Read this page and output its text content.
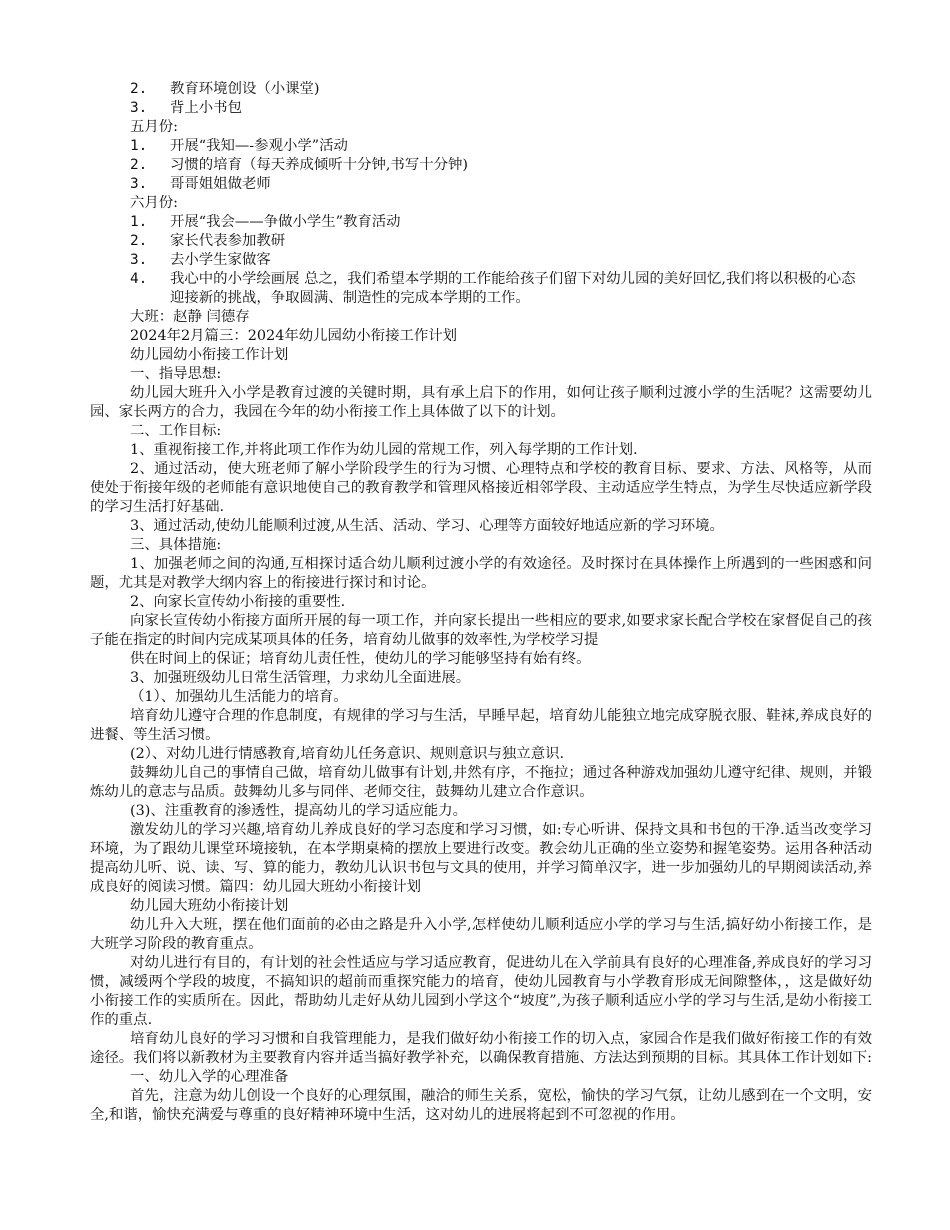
2.	教育环境创设（小课堂)
3.	背上小书包
五月份:
1.	开展“我知—-参观小学”活动
2.	习惯的培育（每天养成倾听十分钟,书写十分钟)
3.	哥哥姐姐做老师
六月份:
1.	开展“我会——争做小学生”教育活动
2.	家长代表参加教研
3.	去小学生家做客
4.	我心中的小学绘画展 总之，我们希望本学期的工作能给孩子们留下对幼儿园的美好回忆,我们将以积极的心态迎接新的挑战，争取圆满、制造性的完成本学期的工作。
大班：赵静 闫德存
2024年2月篇三：2024年幼儿园幼小衔接工作计划
幼儿园幼小衔接工作计划
一、指导思想:

幼儿园大班升入小学是教育过渡的关键时期，具有承上启下的作用，如何让孩子顺利过渡小学的生活呢？这需要幼儿园、家长两方的合力，我园在今年的幼小衔接工作上具体做了以下的计划。

二、工作目标:

1、重视衔接工作,并将此项工作作为幼儿园的常规工作，列入每学期的工作计划.

2、通过活动，使大班老师了解小学阶段学生的行为习惯、心理特点和学校的教育目标、要求、方法、风格等，从而使处于衔接年级的老师能有意识地使自己的教育教学和管理风格接近相邻学段、主动适应学生特点，为学生尽快适应新学段的学习生活打好基础.

3、通过活动,使幼儿能顺利过渡,从生活、活动、学习、心理等方面较好地适应新的学习环境。

三、具体措施:

1、加强老师之间的沟通,互相探讨适合幼儿顺利过渡小学的有效途径。及时探讨在具体操作上所遇到的一些困惑和问题，尤其是对教学大纲内容上的衔接进行探讨和讨论。

2、向家长宣传幼小衔接的重要性.

向家长宣传幼小衔接方面所开展的每一项工作，并向家长提出一些相应的要求,如要求家长配合学校在家督促自己的孩子能在指定的时间内完成某项具体的任务，培育幼儿做事的效率性,为学校学习提

供在时间上的保证；培育幼儿责任性，使幼儿的学习能够坚持有始有终。

3、加强班级幼儿日常生活管理，力求幼儿全面进展。

（1）、加强幼儿生活能力的培育。

培育幼儿遵守合理的作息制度，有规律的学习与生活，早睡早起，培育幼儿能独立地完成穿脱衣服、鞋袜,养成良好的进餐、等生活习惯。

(2）、对幼儿进行情感教育,培育幼儿任务意识、规则意识与独立意识.

鼓舞幼儿自己的事情自己做，培育幼儿做事有计划,井然有序，不拖拉；通过各种游戏加强幼儿遵守纪律、规则，并锻炼幼儿的意志与品质。鼓舞幼儿多与同伴、老师交往，鼓舞幼儿建立合作意识。

(3)、注重教育的渗透性，提高幼儿的学习适应能力。

激发幼儿的学习兴趣,培育幼儿养成良好的学习态度和学习习惯，如:专心听讲、保持文具和书包的干净.适当改变学习环境，为了跟幼儿课堂环境接轨，在本学期桌椅的摆放上要进行改变。教会幼儿正确的坐立姿势和握笔姿势。运用各种活动提高幼儿听、说、读、写、算的能力，教幼儿认识书包与文具的使用，并学习简单汉字，进一步加强幼儿的早期阅读活动,养成良好的阅读习惯。篇四：幼儿园大班幼小衔接计划

幼儿园大班幼小衔接计划

幼儿升入大班，摆在他们面前的必由之路是升入小学,怎样使幼儿顺利适应小学的学习与生活,搞好幼小衔接工作，是大班学习阶段的教育重点。

对幼儿进行有目的，有计划的社会性适应与学习适应教育，促进幼儿在入学前具有良好的心理准备,养成良好的学习习惯，减缓两个学段的坡度，不搞知识的超前而重探究能力的培育，使幼儿园教育与小学教育形成无间隙整体，，这是做好幼小衔接工作的实质所在。因此，帮助幼儿走好从幼儿园到小学这个“坡度”,为孩子顺利适应小学的学习与生活,是幼小衔接工作的重点.

培育幼儿良好的学习习惯和自我管理能力，是我们做好幼小衔接工作的切入点，家园合作是我们做好衔接工作的有效途径。我们将以新教材为主要教育内容并适当搞好教学补充，以确保教育措施、方法达到预期的目标。其具体工作计划如下:

一、幼儿入学的心理准备

首先，注意为幼儿创设一个良好的心理氛围，融洽的师生关系，宽松，愉快的学习气氛，让幼儿感到在一个文明，安全,和谐，愉快充满爱与尊重的良好精神环境中生活，这对幼儿的进展将起到不可忽视的作用。
